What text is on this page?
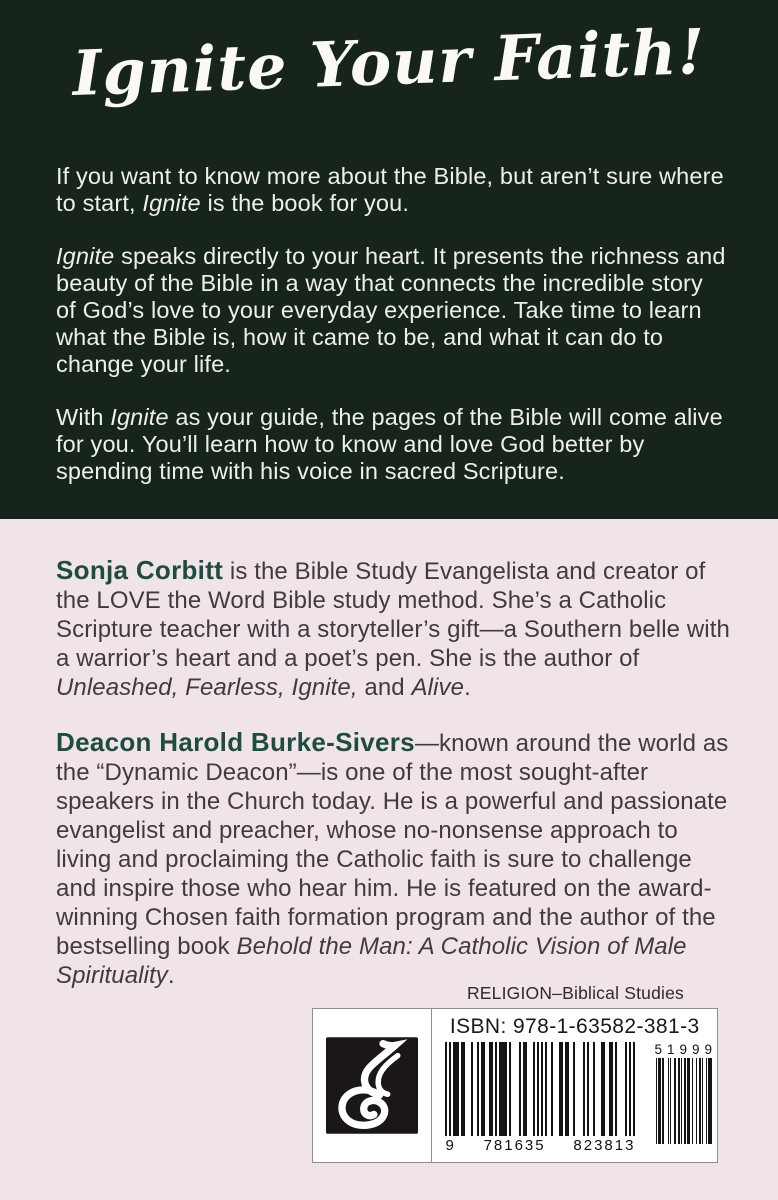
Ignite Your Faith!

If you want to know more about the Bible, but aren’t sure where to start, Ignite is the book for you.

Ignite speaks directly to your heart. It presents the richness and beauty of the Bible in a way that connects the incredible story of God’s love to your everyday experience. Take time to learn what the Bible is, how it came to be, and what it can do to change your life.

With Ignite as your guide, the pages of the Bible will come alive for you. You’ll learn how to know and love God better by spending time with his voice in sacred Scripture.

Sonja Corbitt is the Bible Study Evangelista and creator of the LOVE the Word Bible study method. She’s a Catholic Scripture teacher with a storyteller’s gift—a Southern belle with a warrior’s heart and a poet’s pen. She is the author of Unleashed, Fearless, Ignite, and Alive.

Deacon Harold Burke-Sivers—known around the world as the “Dynamic Deacon”—is one of the most sought-after speakers in the Church today. He is a powerful and passionate evangelist and preacher, whose no-nonsense approach to living and proclaiming the Catholic faith is sure to challenge and inspire those who hear him. He is featured on the award-winning Chosen faith formation program and the author of the bestselling book Behold the Man: A Catholic Vision of Male Spirituality.

RELIGION–Biblical Studies
ISBN: 978-1-63582-381-3
9 781635 823813
51999
